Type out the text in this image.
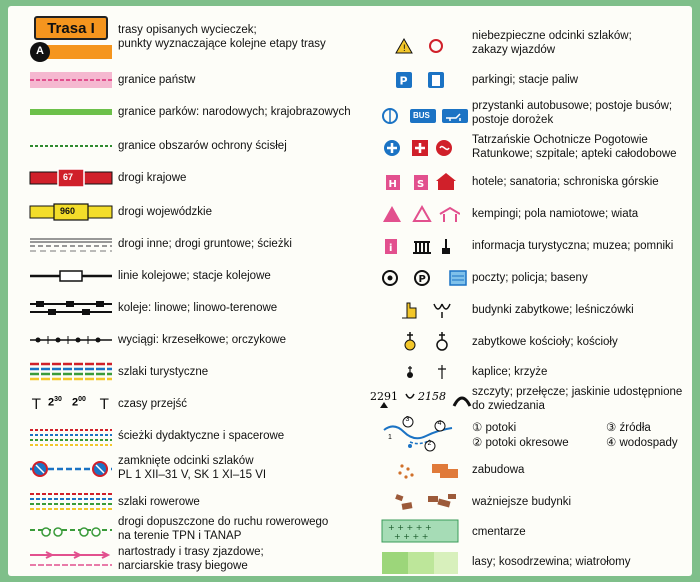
Trasa I
A
trasy opisanych wycieczek;
punkty wyznaczające kolejne etapy trasy
granice państw
granice parków: narodowych; krajobrazowych
granice obszarów ochrony ścisłej
67	drogi krajowe
960	drogi wojewódzkie
drogi inne; drogi gruntowe; ścieżki
linie kolejowe; stacje kolejowe
koleje: linowe; linowo-terenowe
wyciągi: krzesełkowe; orczykowe
szlaki turystyczne
T	T
$2^{30}$ $2^{00}$	czasy przejść
ścieżki dydaktyczne i spacerowe
zamknięte odcinki szlaków
PL 1 XII–31 V, SK 1 XI–15 VI
szlaki rowerowe
drogi dopuszczone do ruchu rowerowego
na terenie TPN i TANAP
nartostrady i trasy zjazdowe;
narciarskie trasy biegowe
!
niebezpieczne odcinki szlaków;
zakazy wjazdów
P	parkingi; stacje paliw
BUS
przystanki autobusowe; postoje busów;
postoje dorożek
Tatrzańskie Ochotnicze Pogotowie
Ratunkowe; szpitale; apteki całodobowe
H S	hotele; sanatoria; schroniska górskie
kempingi; pola namiotowe; wiata
i	informacja turystyczna; muzea; pomniki
P	poczty; policja; baseny
budynki zabytkowe; leśniczówki
zabytkowe kościoły; kościoły
kaplice; krzyże
2291 2158 szczyty; przełęcze; jaskinie udostępnione
do zwiedzania
3
4
2
1
① potoki
② potoki okresowe
③ źródła
④ wodospady
zabudowa
ważniejsze budynki
+ + + + +
+ + + +	cmentarze
lasy; kosodrzewina; wiatrołomy
